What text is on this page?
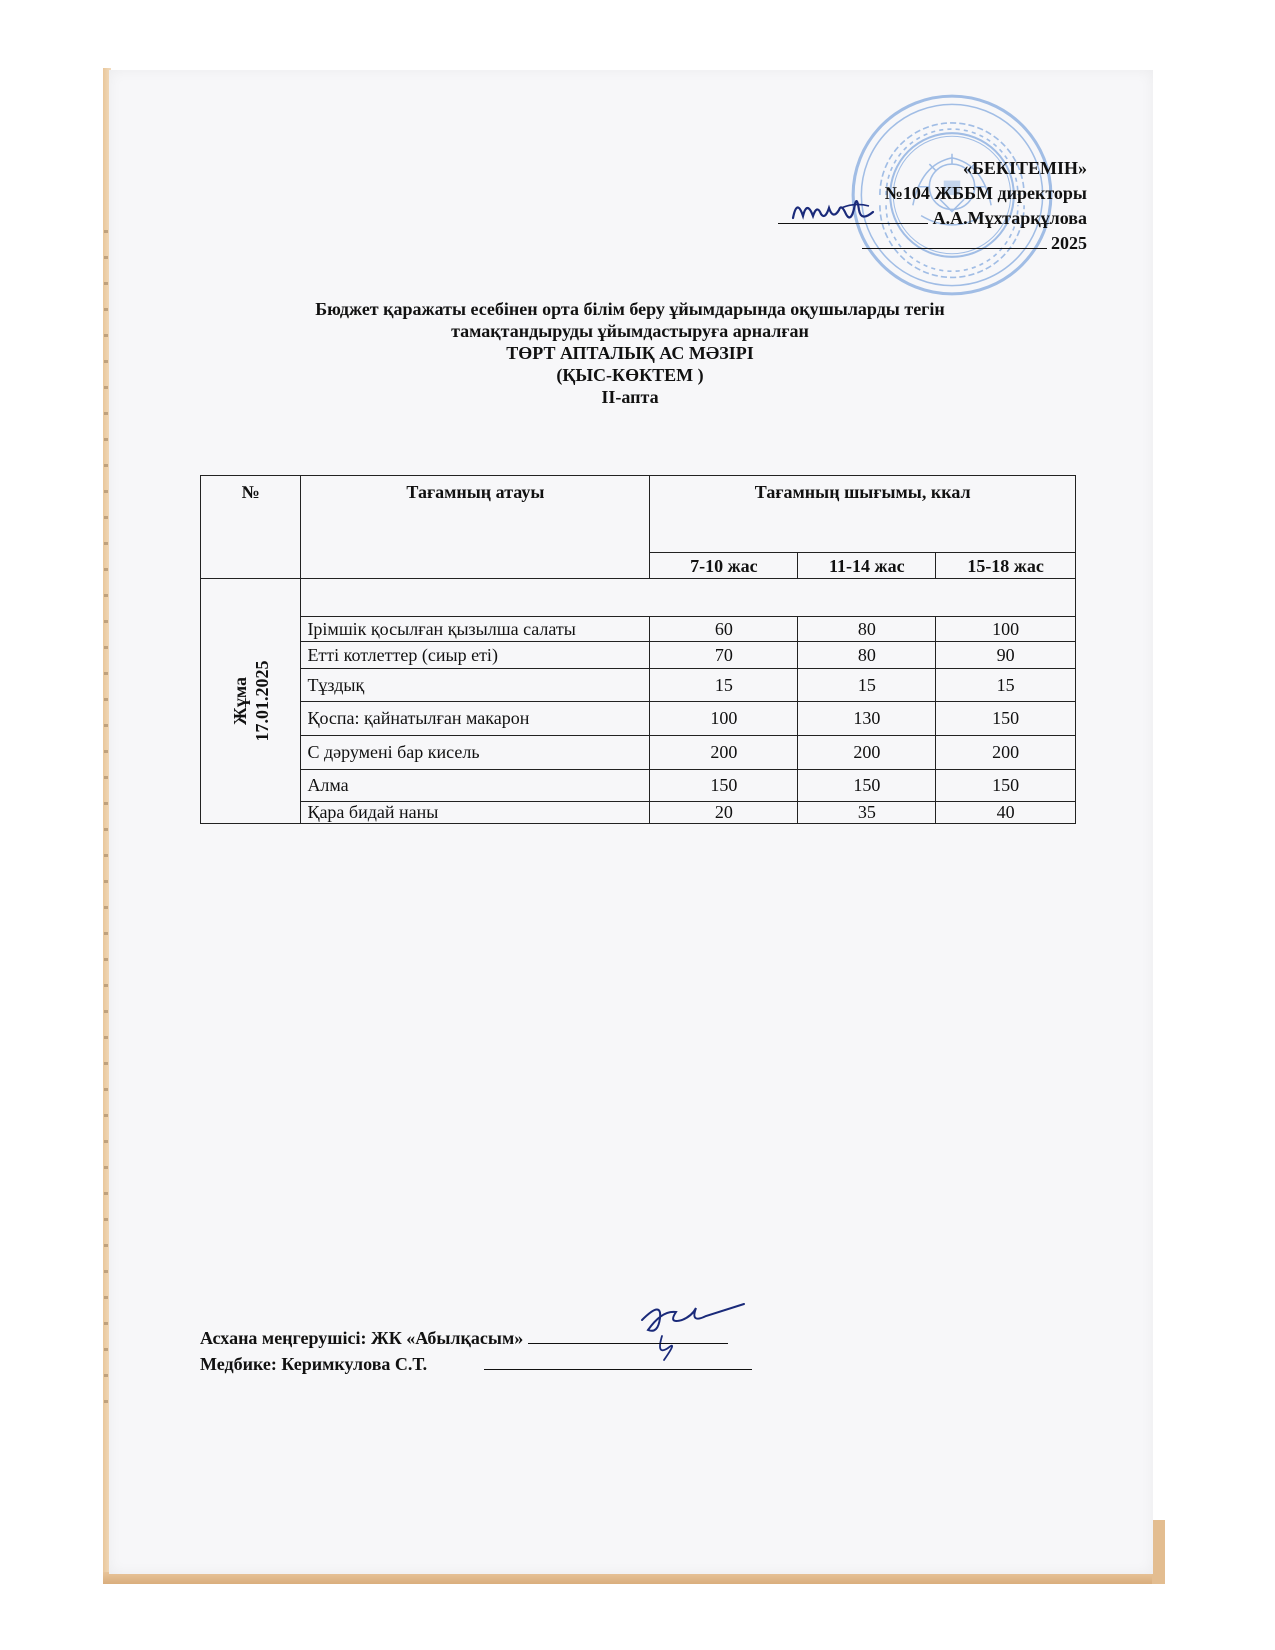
«БЕКІТЕМІН»
№104 ЖББМ директоры
А.А.Мұхтарқұлова
2025
Бюджет қаражаты есебінен орта білім беру ұйымдарында оқушыларды тегін
тамақтандыруды ұйымдастыруға арналған
ТӨРТ АПТАЛЫҚ АС МӘЗІРІ
(ҚЫС-КӨКТЕМ )
II-апта
№	Тағамның атауы	Тағамның шығымы, ккал		
		7-10 жас	11-14 жас	15-18 жас

Жұма 17.01.2025				

	Ірімшік қосылған қызылша салаты	60	80	100
	Етті котлеттер (сиыр еті)	70	80	90
	Тұздық	15	15	15
	Қоспа: қайнатылған макарон	100	130	150
	С дәрумені бар кисель	200	200	200
	Алма	150	150	150
	Қара бидай наны	20	35	40
Асхана меңгерушісі: ЖК «Абылқасым»
Медбике: Керимкулова С.Т.
